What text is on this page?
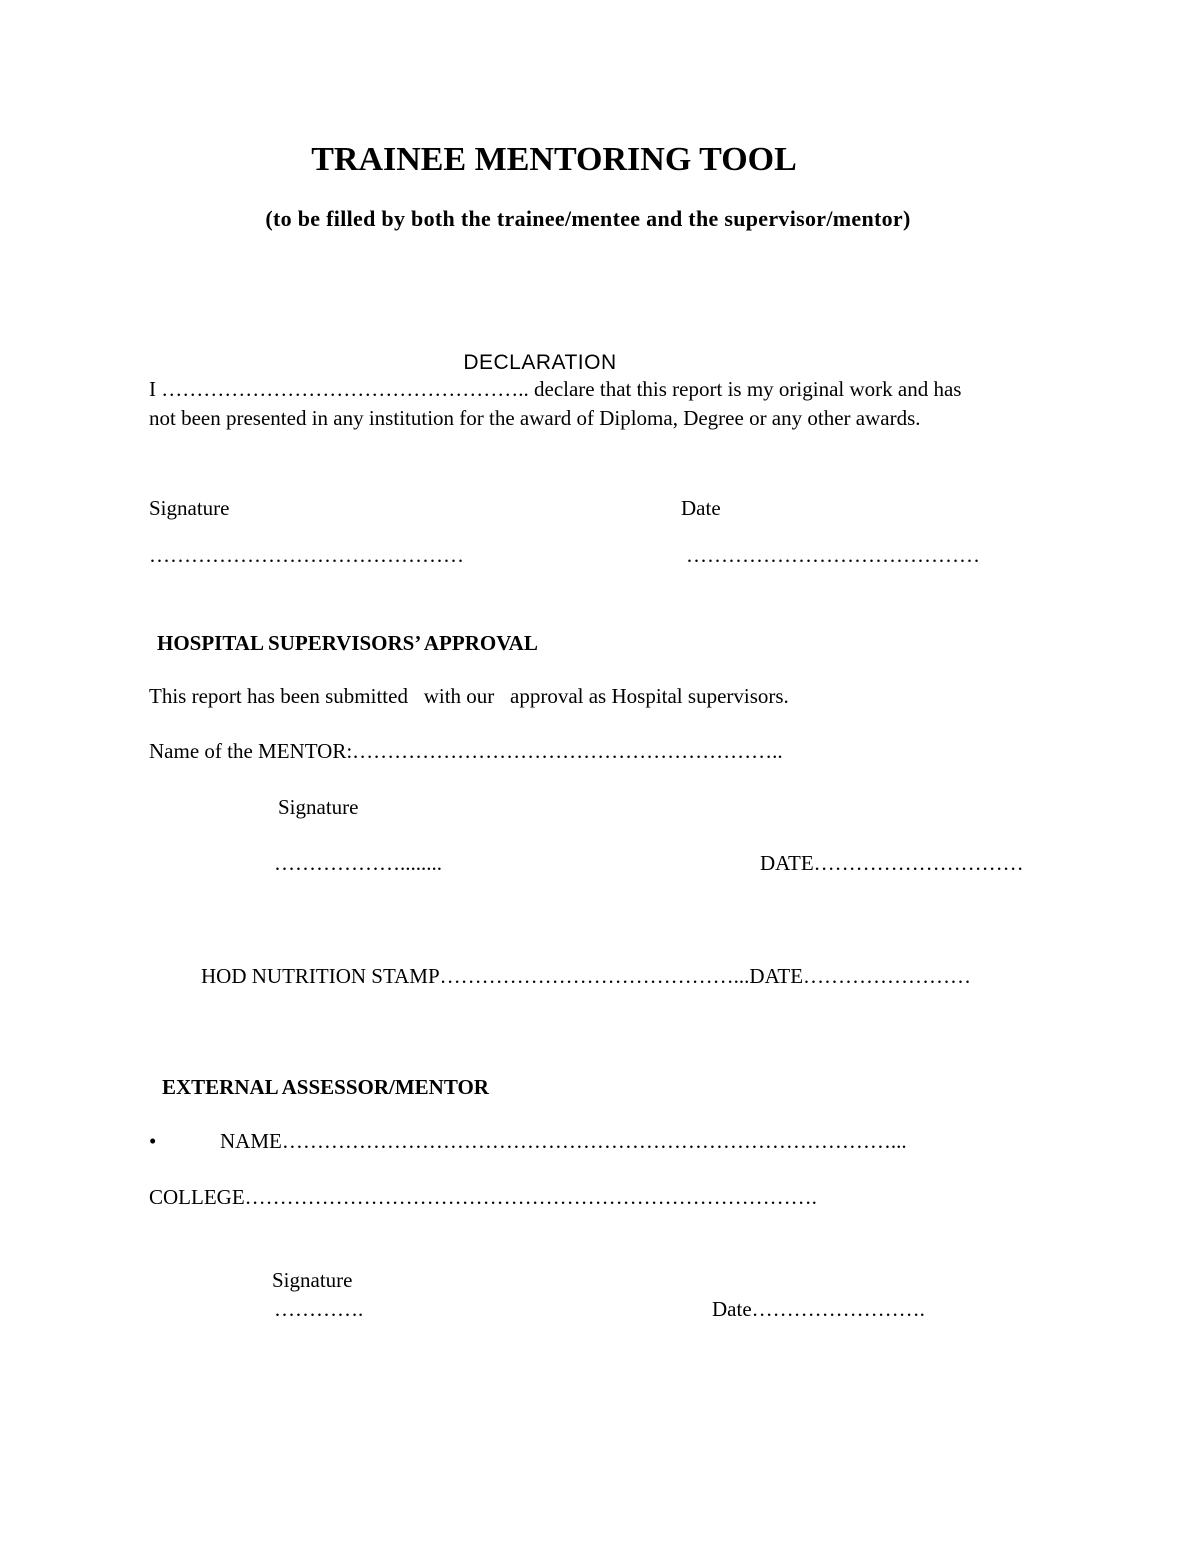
TRAINEE MENTORING TOOL
(to be filled by both the trainee/mentee and the supervisor/mentor)
DECLARATION
I …………………………………………….. declare that this report is my original work and has
not been presented in any institution for the award of Diploma, Degree or any other awards.
Signature	Date
………………………………………	……………………………………
HOSPITAL SUPERVISORS’ APPROVAL
This report has been submitted   with our   approval as Hospital supervisors.
Name of the MENTOR:……………………………………………………..
Signature
………………........	DATE…………………………
HOD NUTRITION STAMP……………………………………...DATE……………………
EXTERNAL ASSESSOR/MENTOR
•	NAME……………………………………………………………………………...
COLLEGE……………………………………………………………………….
Signature
………….	Date…………………….
